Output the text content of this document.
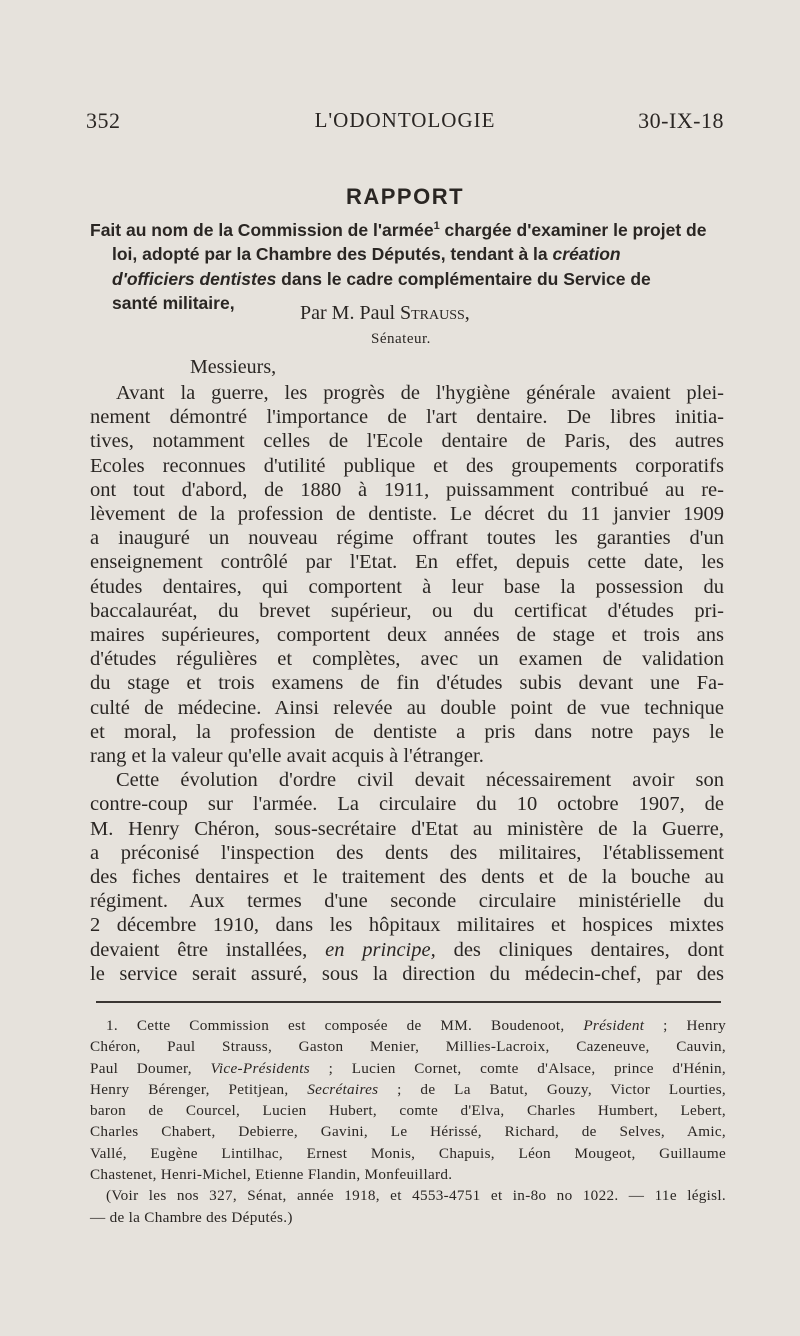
352	L'ODONTOLOGIE	30-IX-18
RAPPORT

Fait au nom de la Commission de l'armée$^1$ chargée d'examiner le projet de loi, adopté par la Chambre des Députés, tendant à la création
d'officiers dentistes dans le cadre complémentaire du Service de
santé militaire,	Par M. Paul Strauss,
Sénateur.
Messieurs,
Avant la guerre, les progrès de l'hygiène générale avaient plei-
nement démontré l'importance de l'art dentaire. De libres initia-
tives, notamment celles de l'Ecole dentaire de Paris, des autres
Ecoles reconnues d'utilité publique et des groupements corporatifs
ont tout d'abord, de 1880 à 1911, puissamment contribué au re-
lèvement de la profession de dentiste. Le décret du 11 janvier 1909
a inauguré un nouveau régime offrant toutes les garanties d'un
enseignement contrôlé par l'Etat. En effet, depuis cette date, les
études dentaires, qui comportent à leur base la possession du
baccalauréat, du brevet supérieur, ou du certificat d'études pri-
maires supérieures, comportent deux années de stage et trois ans
d'études régulières et complètes, avec un examen de validation
du stage et trois examens de fin d'études subis devant une Fa-
culté de médecine. Ainsi relevée au double point de vue technique
et moral, la profession de dentiste a pris dans notre pays le
rang et la valeur qu'elle avait acquis à l'étranger.
Cette évolution d'ordre civil devait nécessairement avoir son
contre-coup sur l'armée. La circulaire du 10 octobre 1907, de
M. Henry Chéron, sous-secrétaire d'Etat au ministère de la Guerre,
a préconisé l'inspection des dents des militaires, l'établissement
des fiches dentaires et le traitement des dents et de la bouche au
régiment. Aux termes d'une seconde circulaire ministérielle du
2 décembre 1910, dans les hôpitaux militaires et hospices mixtes
devaient être installées, en principe, des cliniques dentaires, dont
le service serait assuré, sous la direction du médecin-chef, par des
1. Cette Commission est composée de MM. Boudenoot, Président ; Henry
Chéron, Paul Strauss, Gaston Menier, Millies-Lacroix, Cazeneuve, Cauvin,
Paul Doumer, Vice-Présidents ; Lucien Cornet, comte d'Alsace, prince d'Hénin,
Henry Bérenger, Petitjean, Secrétaires ; de La Batut, Gouzy, Victor Lourties,
baron de Courcel, Lucien Hubert, comte d'Elva, Charles Humbert, Lebert,
Charles Chabert, Debierre, Gavini, Le Hérissé, Richard, de Selves, Amic,
Vallé, Eugène Lintilhac, Ernest Monis, Chapuis, Léon Mougeot, Guillaume
Chastenet, Henri-Michel, Etienne Flandin, Monfeuillard.
(Voir les nos 327, Sénat, année 1918, et 4553-4751 et in-8o no 1022. — 11e législ.
— de la Chambre des Députés.)
